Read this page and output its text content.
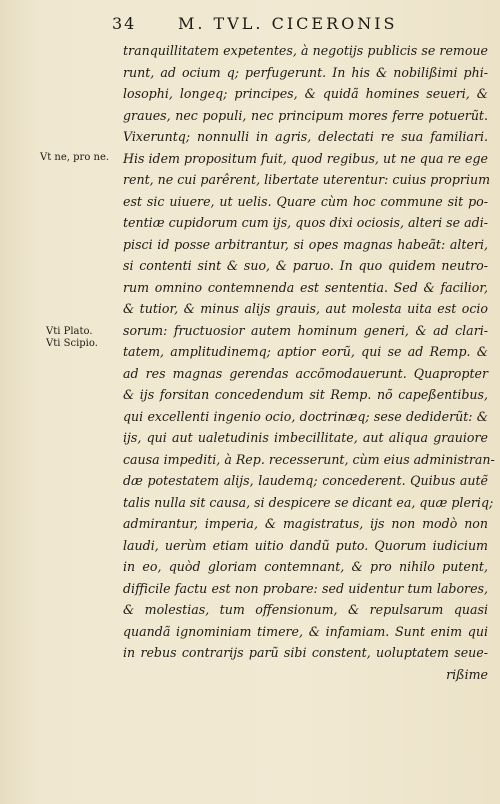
34	M. TVL. CICERONIS
Vt ne, pro ne.
Vti Plato.
Vti Scipio.
tranquillitatem expetentes, à negotijs publicis se remoue
runt, ad ocium q; perfugerunt. In his & nobilißimi phi-
losophi, longeq; principes, & quidã homines seueri, &
graues, nec populi, nec principum mores ferre potuerũt.
Vixeruntq; nonnulli in agris, delectati re sua familiari.
His idem propositum fuit, quod regibus, ut ne qua re ege
rent, ne cui parêrent, libertate uterentur: cuius proprium
est sic uiuere, ut uelis. Quare cùm hoc commune sit po-
tentiæ cupidorum cum ijs, quos dixi ociosis, alteri se adi-
pisci id posse arbitrantur, si opes magnas habeãt: alteri,
si contenti sint & suo, & paruo. In quo quidem neutro-
rum omnino contemnenda est sententia. Sed & facilior,
& tutior, & minus alijs grauis, aut molesta uita est ocio
sorum: fructuosior autem hominum generi, & ad clari-
tatem, amplitudinemq; aptior eorũ, qui se ad Remp. &
ad res magnas gerendas accõmodauerunt. Quapropter
& ijs forsitan concedendum sit Remp. nõ capeßentibus,
qui excellenti ingenio ocio, doctrinæq; sese dediderũt: &
ijs, qui aut ualetudinis imbecillitate, aut aliqua grauiore
causa impediti, à Rep. recesserunt, cùm eius administran-
dæ potestatem alijs, laudemq; concederent. Quibus autẽ
talis nulla sit causa, si despicere se dicant ea, quæ pleriq;
admirantur, imperia, & magistratus, ijs non modò non
laudi, uerùm etiam uitio dandũ puto. Quorum iudicium
in eo, quòd gloriam contemnant, & pro nihilo putent,
difficile factu est non probare: sed uidentur tum labores,
& molestias, tum offensionum, & repulsarum quasi
quandã ignominiam timere, & infamiam. Sunt enim qui
in rebus contrarijs parũ sibi constent, uoluptatem seue-
rißime
